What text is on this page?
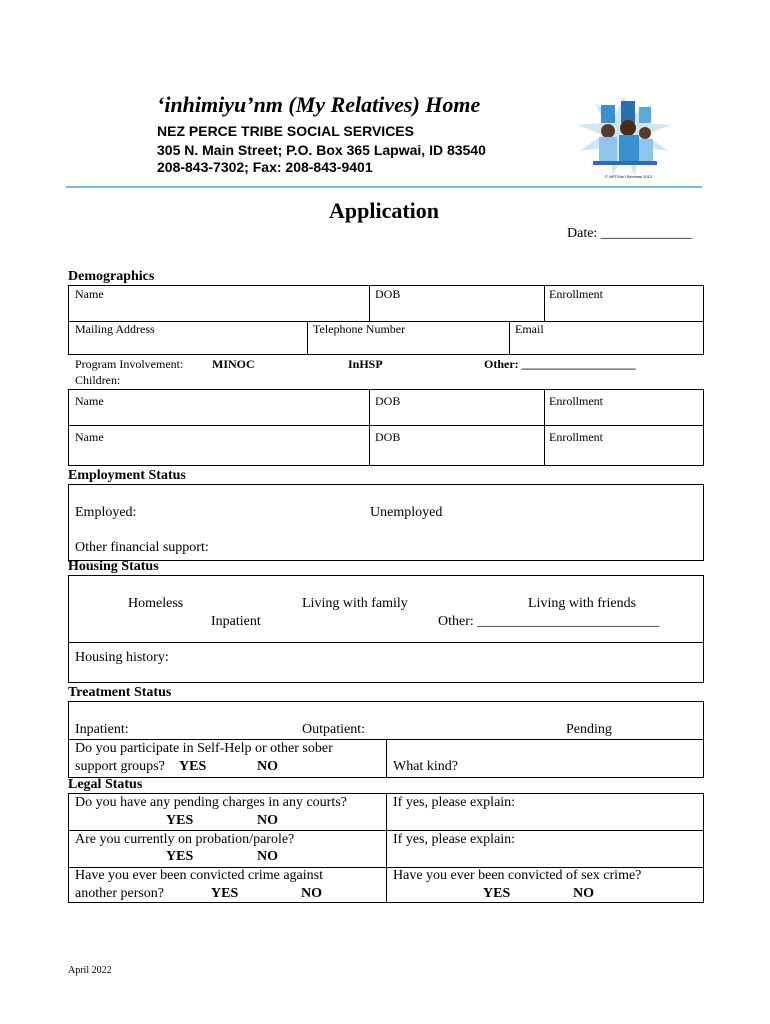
‘inhimiyu’nm (My Relatives) Home
NEZ PERCE TRIBE SOCIAL SERVICES
305 N. Main Street; P.O. Box 365 Lapwai, ID 83540
208-843-7302; Fax: 208-843-9401
© NPTSoc'l Services 2012
Application
Date: _____________
Demographics
Name	DOB	Enrollment
Mailing Address	Telephone Number	Email
Program Involvement: MINOC	InHSP	Other: ___________________
Children:
Name	DOB	Enrollment
Name	DOB	Enrollment
Employment Status
Employed:	Unemployed
Other financial support:
Housing Status
Homeless	Living with family	Living with friends
Inpatient	Other: __________________________
Housing history:
Treatment Status
Inpatient:	Outpatient:	Pending
Do you participate in Self-Help or other sober
support groups? YES	NO	What kind?
Legal Status
Do you have any pending charges in any courts?
YES	NO
If yes, please explain:
Are you currently on probation/parole?
YES	NO
If yes, please explain:
Have you ever been convicted crime against
another person?	YES	NO
Have you ever been convicted of sex crime?
YES	NO
April 2022
